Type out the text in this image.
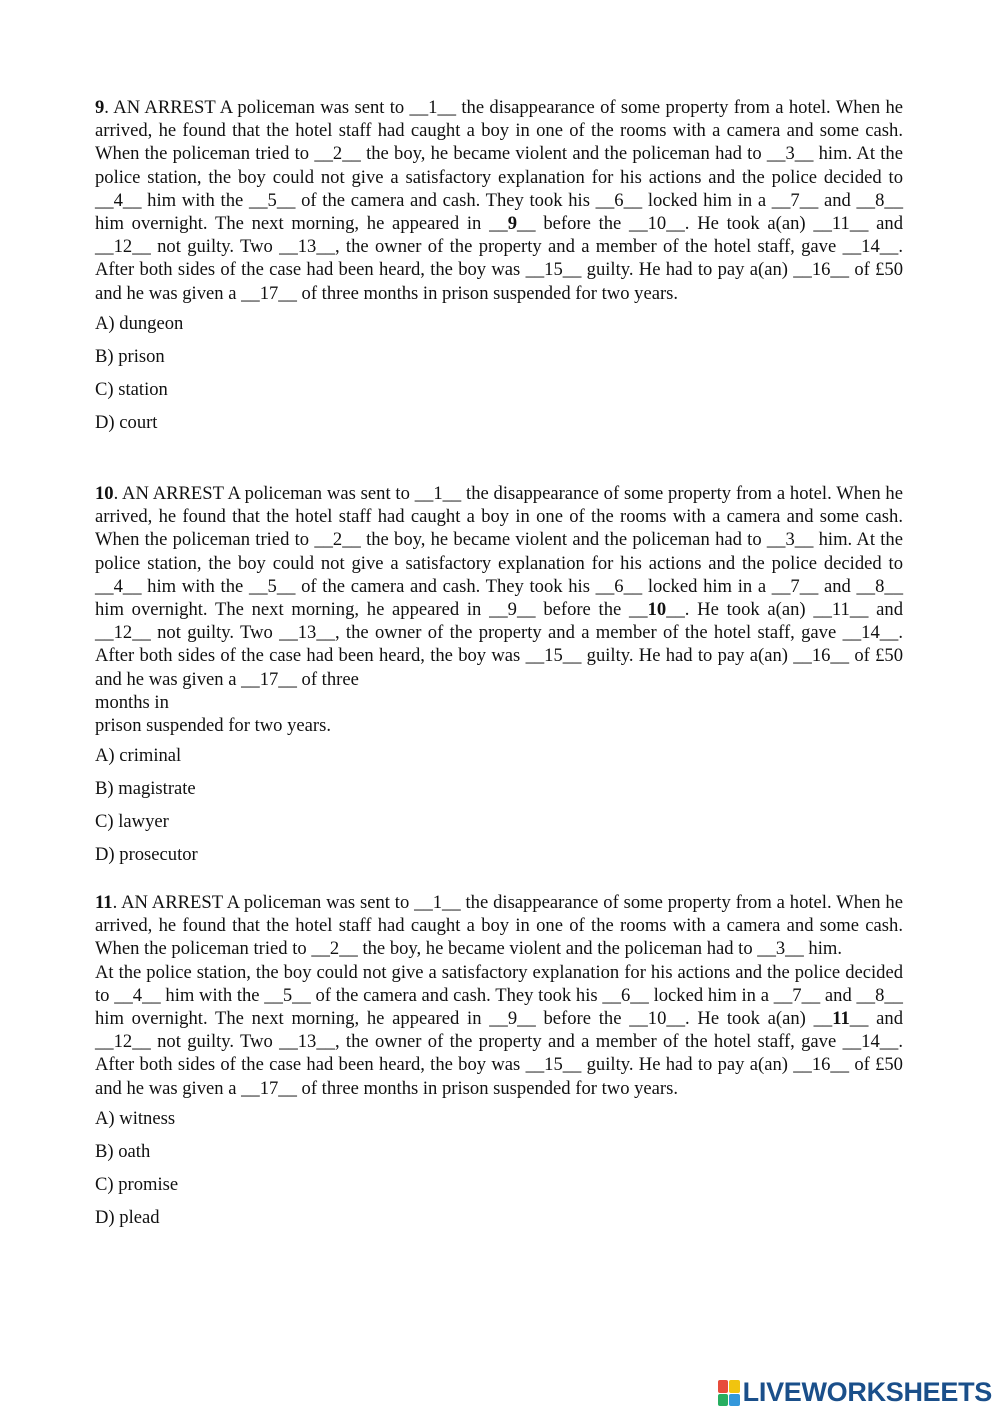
9. AN ARREST A policeman was sent to __1__ the disappearance of some property from a hotel. When he arrived, he found that the hotel staff had caught a boy in one of the rooms with a camera and some cash. When the policeman tried to __2__ the boy, he became violent and the policeman had to __3__ him. At the police station, the boy could not give a satisfactory explanation for his actions and the police decided to __4__ him with the __5__ of the camera and cash. They took his __6__ locked him in a __7__ and __8__ him overnight. The next morning, he appeared in __9__ before the __10__. He took a(an) __11__ and __12__ not guilty. Two __13__, the owner of the property and a member of the hotel staff, gave __14__. After both sides of the case had been heard, the boy was __15__ guilty. He had to pay a(an) __16__ of £50 and he was given a __17__ of three months in prison suspended for two years.

A) dungeon

B) prison

C) station

D) court

10. AN ARREST A policeman was sent to __1__ the disappearance of some property from a hotel. When he arrived, he found that the hotel staff had caught a boy in one of the rooms with a camera and some cash. When the policeman tried to __2__ the boy, he became violent and the policeman had to __3__ him. At the police station, the boy could not give a satisfactory explanation for his actions and the police decided to __4__ him with the __5__ of the camera and cash. They took his __6__ locked him in a __7__ and __8__ him overnight. The next morning, he appeared in __9__ before the __10__. He took a(an) __11__ and __12__ not guilty. Two __13__, the owner of the property and a member of the hotel staff, gave __14__. After both sides of the case had been heard, the boy was __15__ guilty. He had to pay a(an) __16__ of £50 and he was given a __17__ of three
months in
prison suspended for two years.

A) criminal

B) magistrate

C) lawyer

D) prosecutor

11. AN ARREST A policeman was sent to __1__ the disappearance of some property from a hotel. When he arrived, he found that the hotel staff had caught a boy in one of the rooms with a camera and some cash. When the policeman tried to __2__ the boy, he became violent and the policeman had to __3__ him.
At the police station, the boy could not give a satisfactory explanation for his actions and the police decided to __4__ him with the __5__ of the camera and cash. They took his __6__ locked him in a __7__ and __8__ him overnight. The next morning, he appeared in __9__ before the __10__. He took a(an) __11__ and __12__ not guilty. Two __13__, the owner of the property and a member of the hotel staff, gave __14__. After both sides of the case had been heard, the boy was __15__ guilty. He had to pay a(an) __16__ of £50 and he was given a __17__ of three months in prison suspended for two years.

A) witness

B) oath

C) promise

D) plead

LIVEWORKSHEETS
